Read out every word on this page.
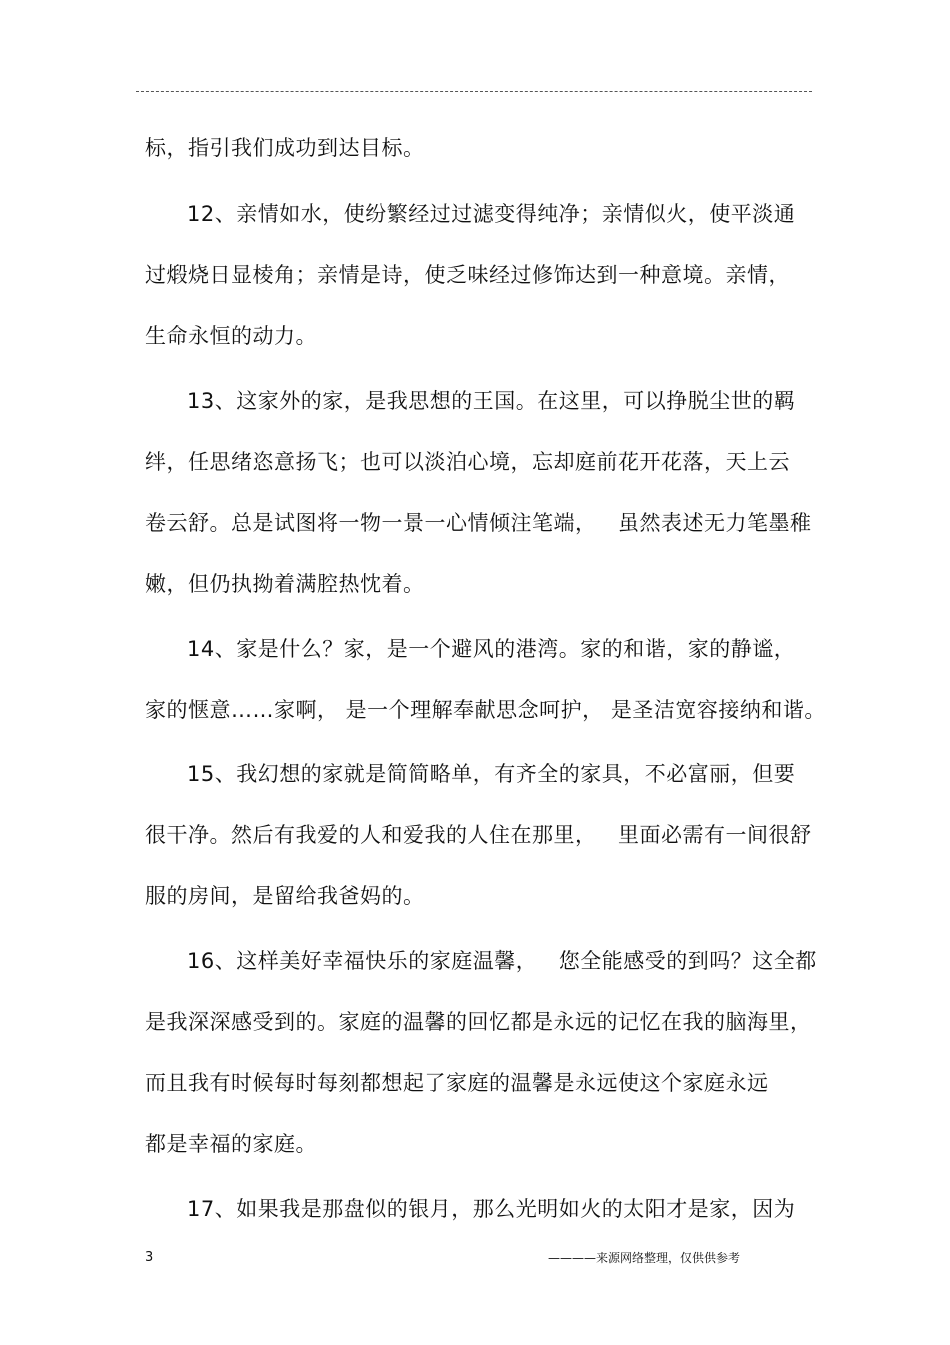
标，指引我们成功到达目标。
12、亲情如水，使纷繁经过过滤变得纯净；亲情似火，使平淡通
过煅烧日显棱角；亲情是诗，使乏味经过修饰达到一种意境。亲情，
生命永恒的动力。
13、这家外的家，是我思想的王国。在这里，可以挣脱尘世的羁
绊，任思绪恣意扬飞；也可以淡泊心境，忘却庭前花开花落，天上云
卷云舒。总是试图将一物一景一心情倾注笔端，   虽然表述无力笔墨稚
嫩，但仍执拗着满腔热忱着。
14、家是什么？家，是一个避风的港湾。家的和谐，家的静谧，
家的惬意……家啊， 是一个理解奉献思念呵护， 是圣洁宽容接纳和谐。
15、我幻想的家就是简简略单，有齐全的家具，不必富丽，但要
很干净。然后有我爱的人和爱我的人住在那里，   里面必需有一间很舒
服的房间，是留给我爸妈的。
16、这样美好幸福快乐的家庭温馨，   您全能感受的到吗？这全都
是我深深感受到的。家庭的温馨的回忆都是永远的记忆在我的脑海里，
而且我有时候每时每刻都想起了家庭的温馨是永远使这个家庭永远
都是幸福的家庭。
17、如果我是那盘似的银月，那么光明如火的太阳才是家，因为
3	————来源网络整理，仅供供参考
